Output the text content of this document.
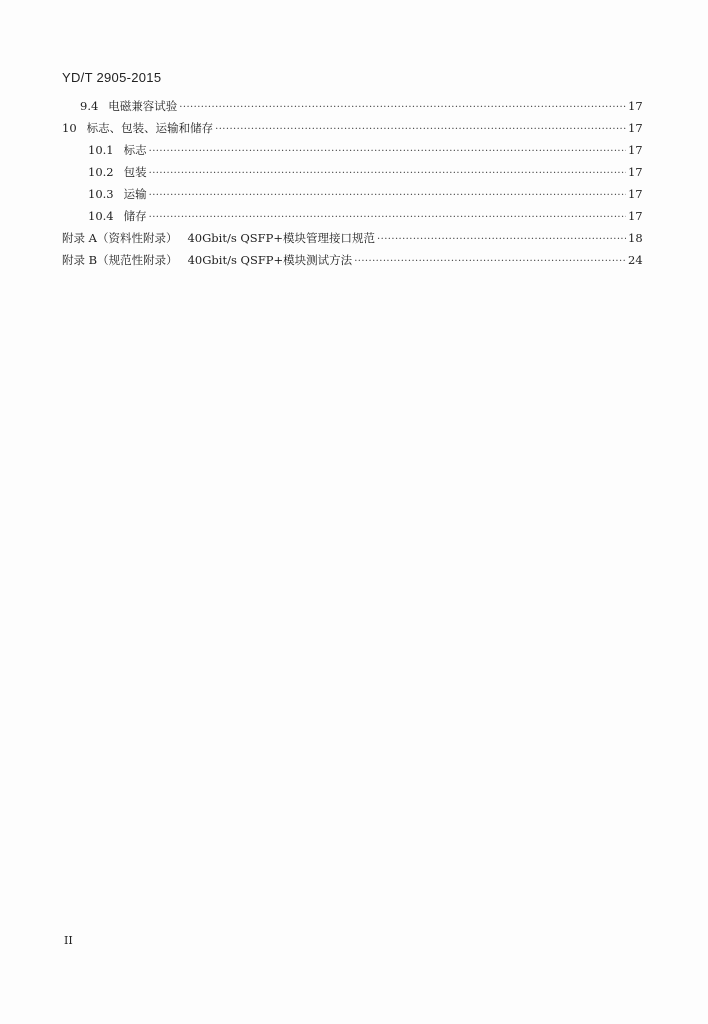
YD/T 2905-2015
9.4 电磁兼容试验 ·····	17
10 标志、包装、运输和储存 ·····	17
10.1 标志 ·····	17
10.2 包装 ·····	17
10.3 运输 ·····	17
10.4 储存 ·····	17
附录 A（资料性附录） 40Gbit/s QSFP+模块管理接口规范 ·····	18
附录 B（规范性附录） 40Gbit/s QSFP+模块测试方法 ·····	24
II
